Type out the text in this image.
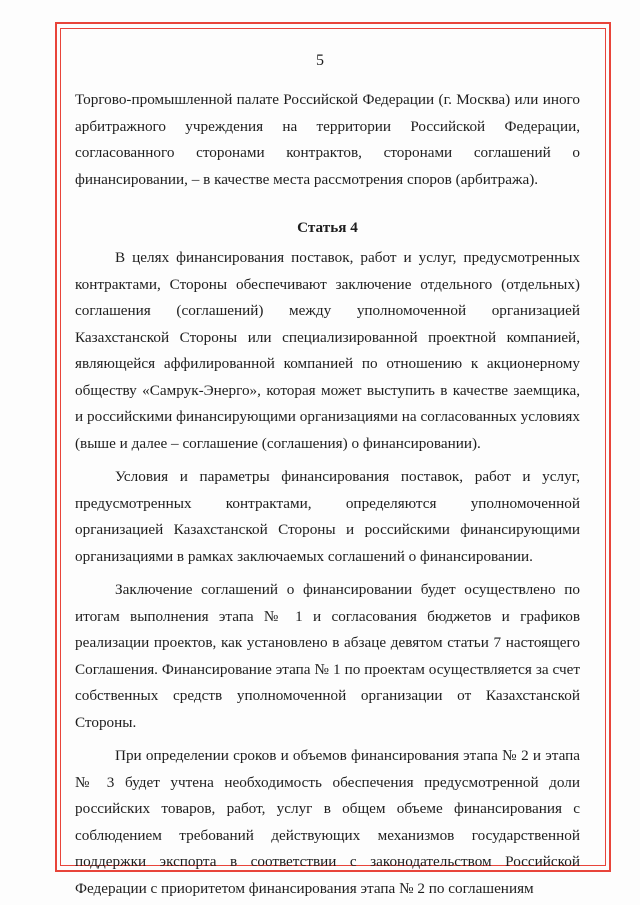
5

Торгово-промышленной палате Российской Федерации (г. Москва) или иного арбитражного учреждения на территории Российской Федерации, согласованного сторонами контрактов, сторонами соглашений о финансировании, – в качестве места рассмотрения споров (арбитража).

Статья 4

В целях финансирования поставок, работ и услуг, предусмотренных контрактами, Стороны обеспечивают заключение отдельного (отдельных) соглашения (соглашений) между уполномоченной организацией Казахстанской Стороны или специализированной проектной компанией, являющейся аффилированной компанией по отношению к акционерному обществу «Самрук-Энерго», которая может выступить в качестве заемщика, и российскими финансирующими организациями на согласованных условиях (выше и далее – соглашение (соглашения) о финансировании).

Условия и параметры финансирования поставок, работ и услуг, предусмотренных контрактами, определяются уполномоченной организацией Казахстанской Стороны и российскими финансирующими организациями в рамках заключаемых соглашений о финансировании.

Заключение соглашений о финансировании будет осуществлено по итогам выполнения этапа № 1 и согласования бюджетов и графиков реализации проектов, как установлено в абзаце девятом статьи 7 настоящего Соглашения. Финансирование этапа № 1 по проектам осуществляется за счет собственных средств уполномоченной организации от Казахстанской Стороны.

При определении сроков и объемов финансирования этапа № 2 и этапа № 3 будет учтена необходимость обеспечения предусмотренной доли российских товаров, работ, услуг в общем объеме финансирования с соблюдением требований действующих механизмов государственной поддержки экспорта в соответствии с законодательством Российской Федерации с приоритетом финансирования этапа № 2 по соглашениям
